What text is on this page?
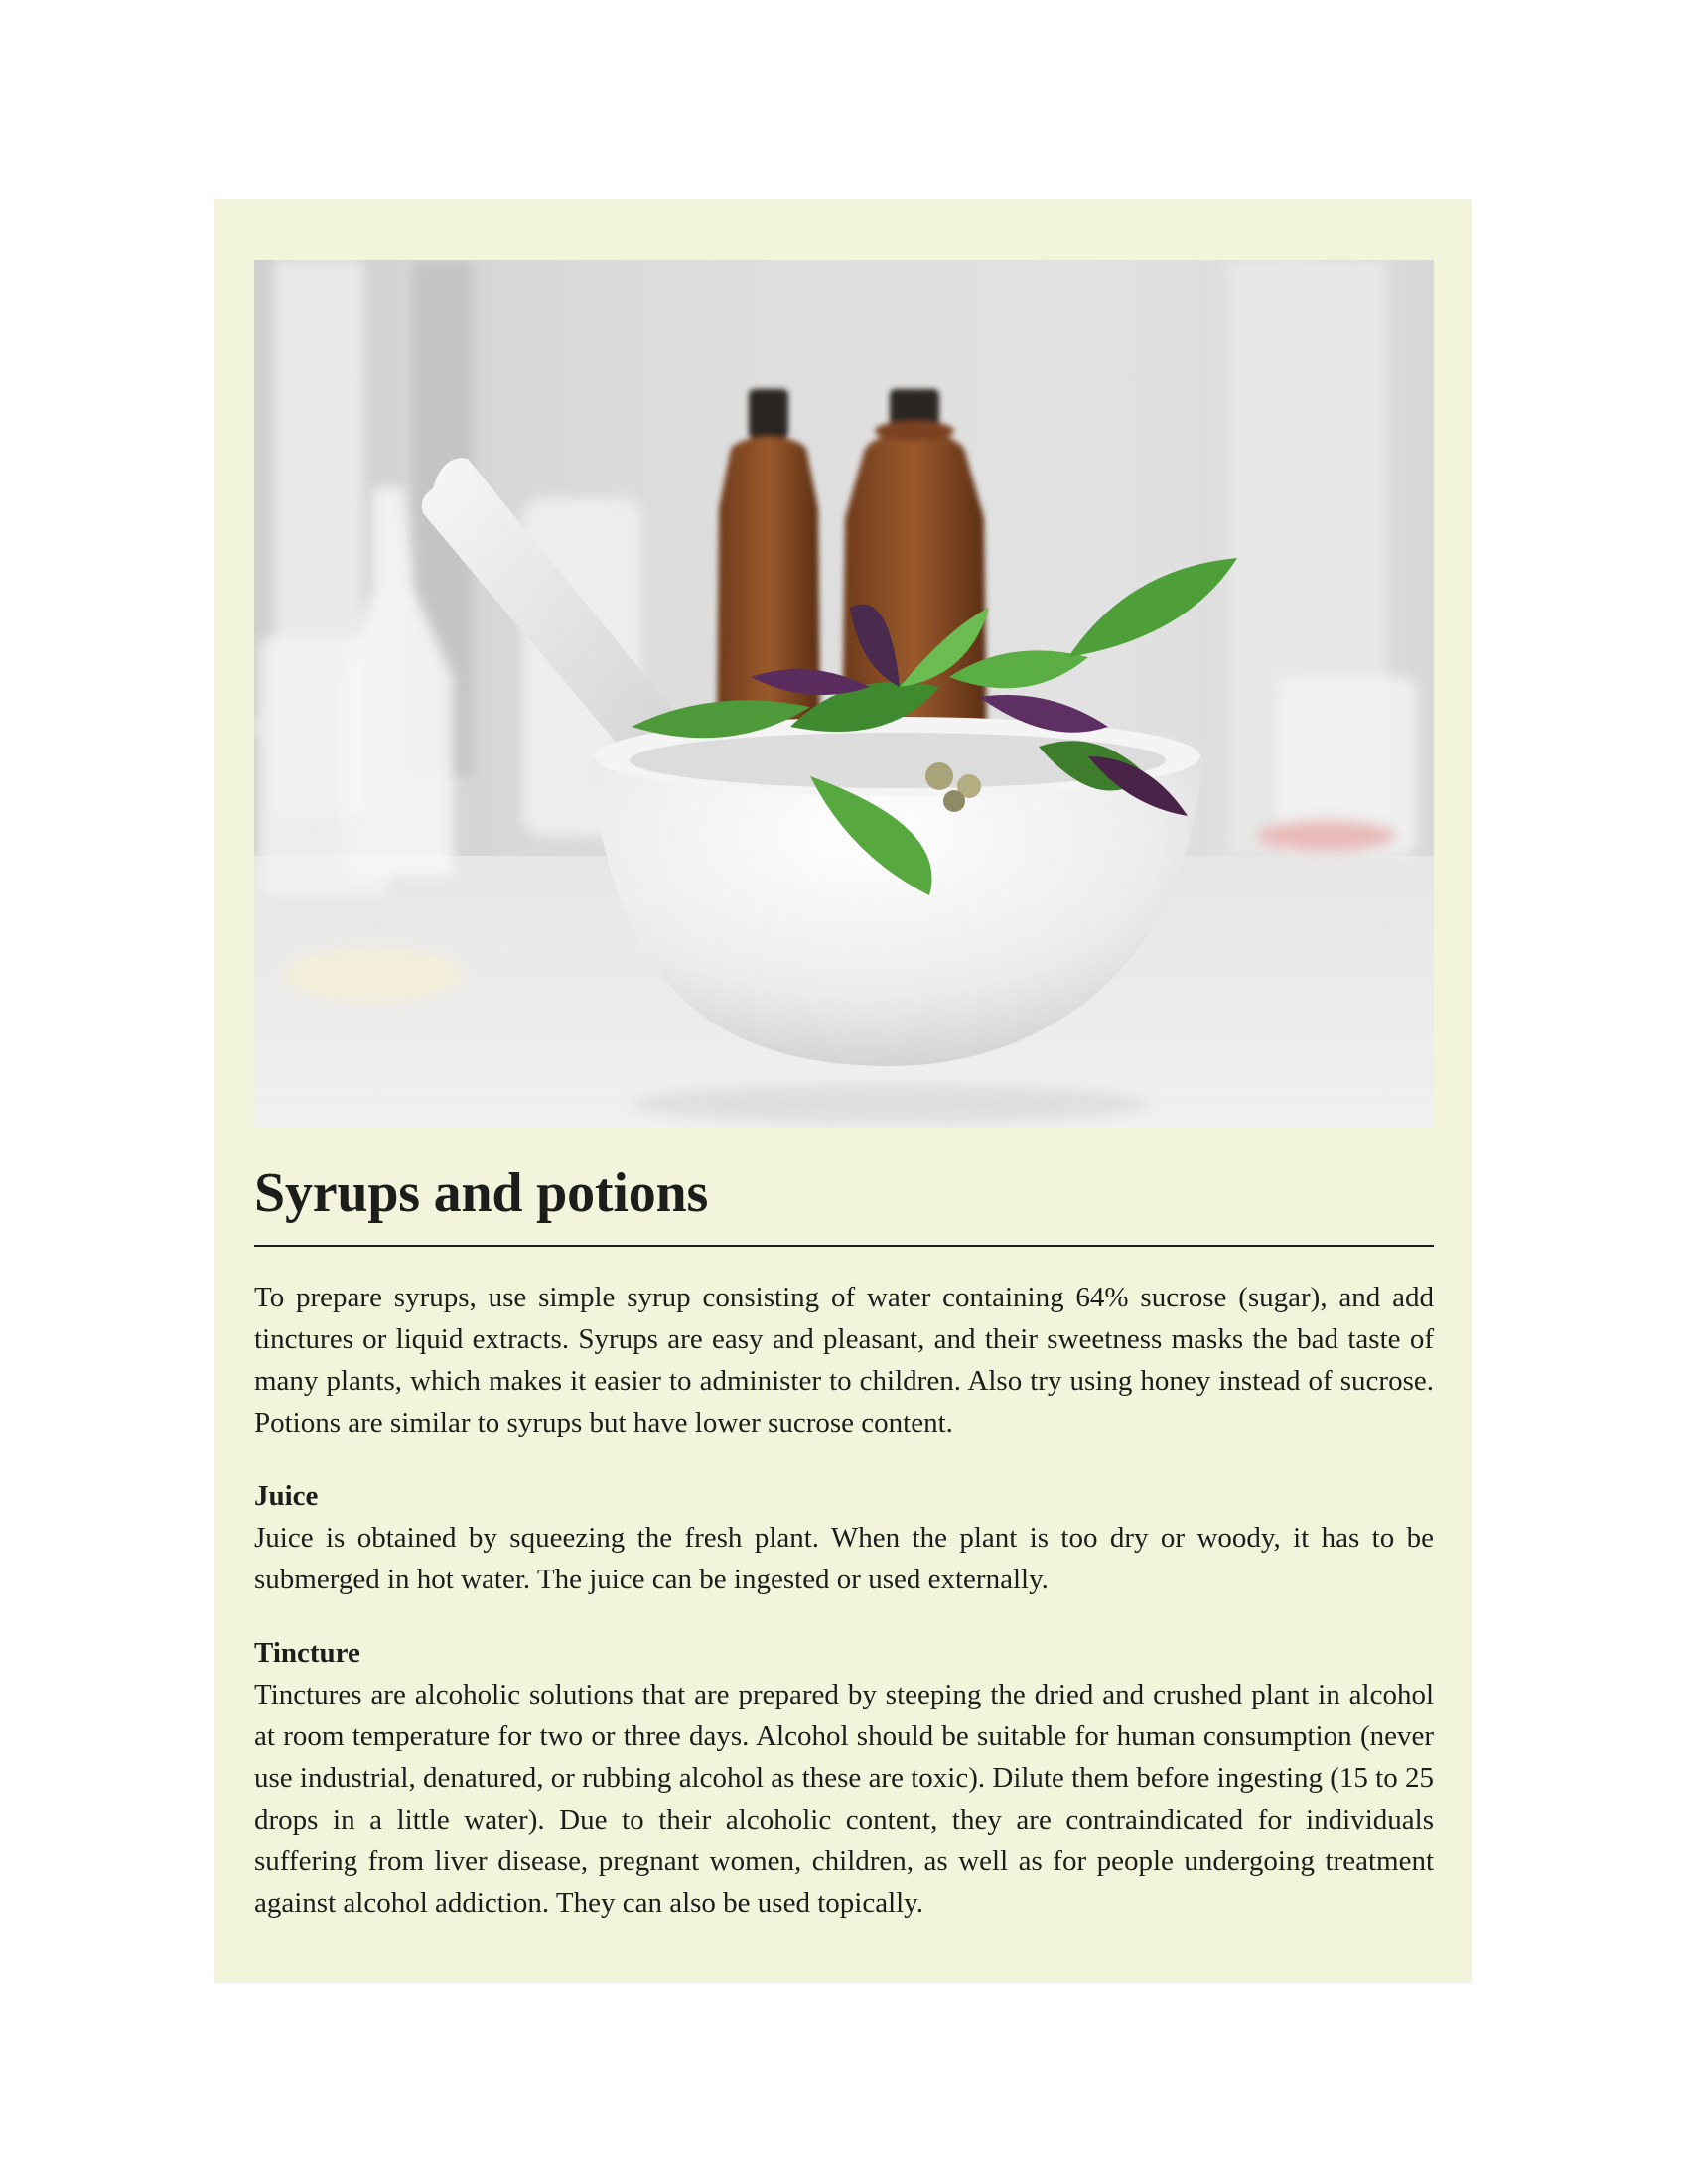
Syrups and potions

To prepare syrups, use simple syrup consisting of water containing 64% sucrose (sugar), and add tinctures or liquid extracts. Syrups are easy and pleasant, and their sweetness masks the bad taste of many plants, which makes it easier to administer to children. Also try using honey instead of sucrose. Potions are similar to syrups but have lower sucrose content.

Juice

Juice is obtained by squeezing the fresh plant. When the plant is too dry or woody, it has to be submerged in hot water. The juice can be ingested or used externally.

Tincture

Tinctures are alcoholic solutions that are prepared by steeping the dried and crushed plant in alcohol at room temperature for two or three days. Alcohol should be suitable for human consumption (never use industrial, denatured, or rubbing alcohol as these are toxic). Dilute them before ingesting (15 to 25 drops in a little water). Due to their alcoholic content, they are contraindicated for individuals suffering from liver disease, pregnant women, children, as well as for people undergoing treatment against alcohol addiction. They can also be used topically.
